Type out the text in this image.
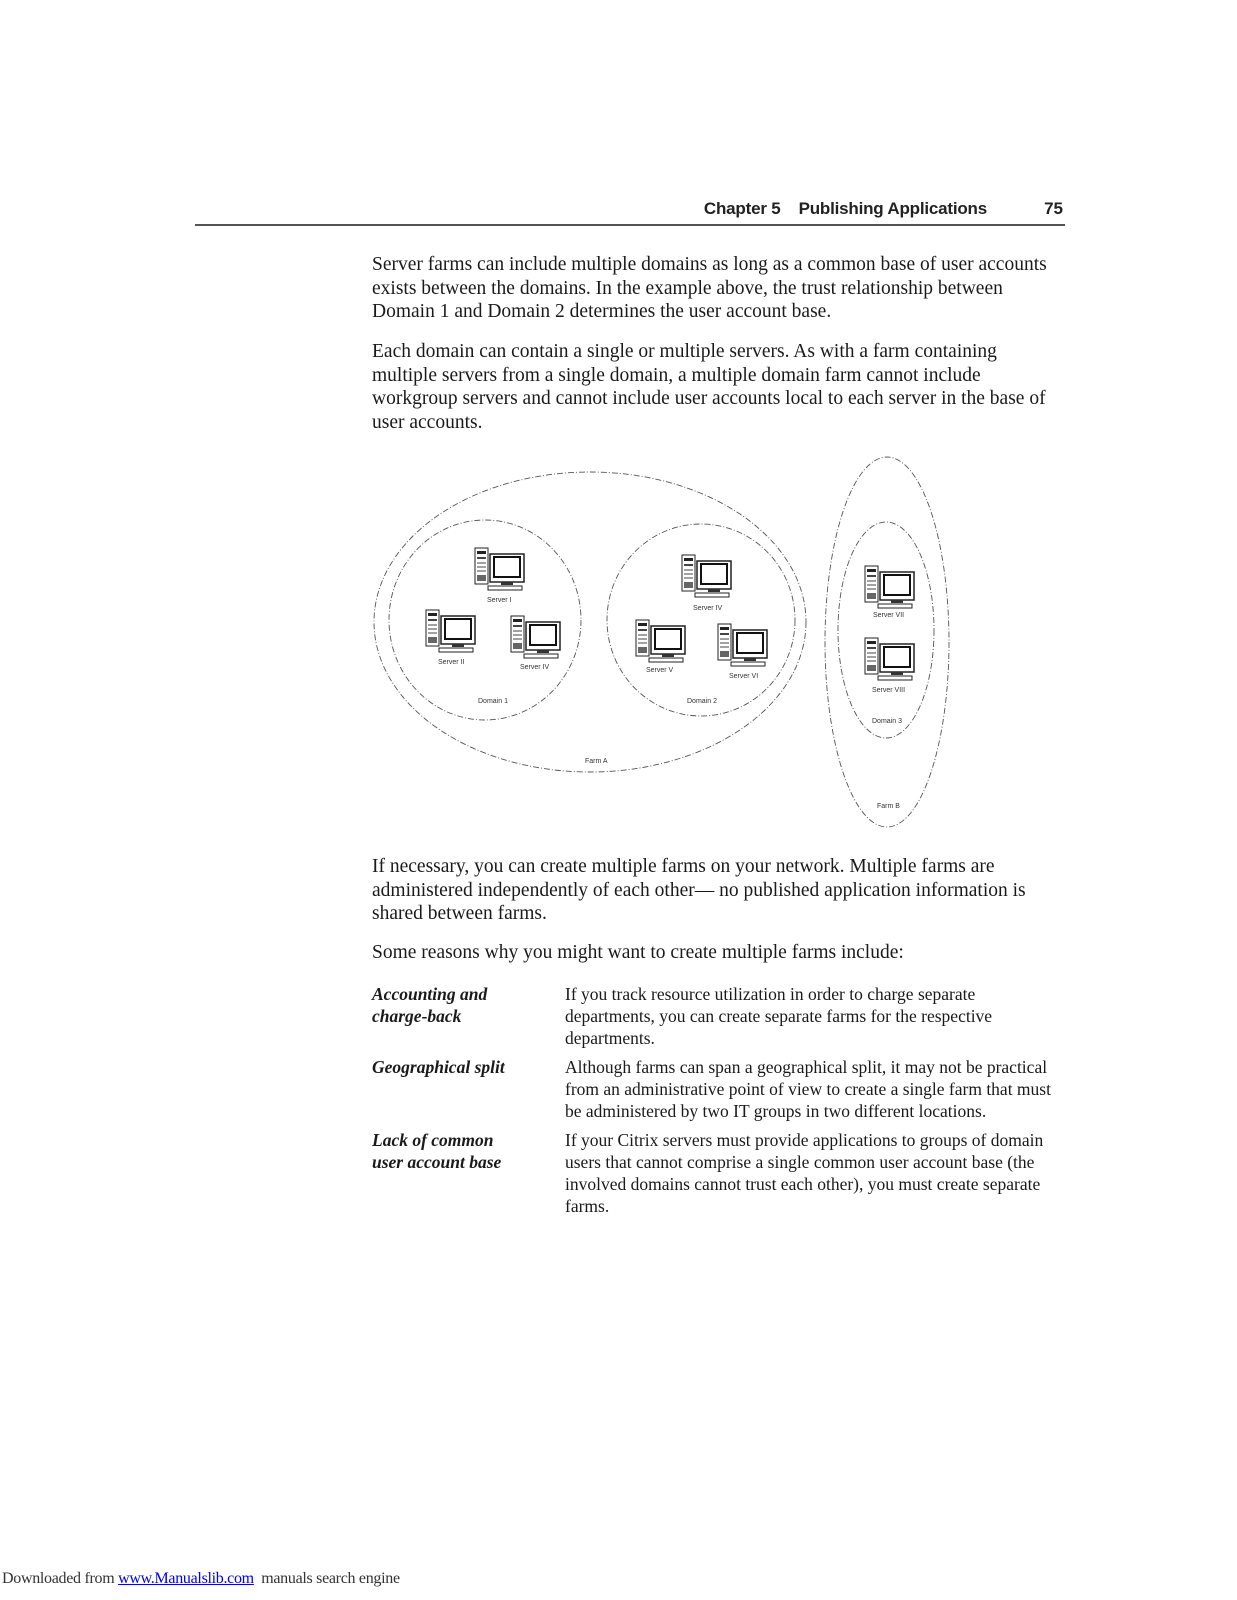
Chapter 5    Publishing Applications	75

Server farms can include multiple domains as long as a common base of user accounts exists between the domains. In the example above, the trust relationship between Domain 1 and Domain 2 determines the user account base.

Each domain can contain a single or multiple servers. As with a farm containing multiple servers from a single domain, a multiple domain farm cannot include workgroup servers and cannot include user accounts local to each server in the base of user accounts.

Server I
Server II
Server IV
Domain 1
Server IV
Server V
Server VI
Domain 2
Server VII
Server VIII
Domain 3
Farm A
Farm B

If necessary, you can create multiple farms on your network. Multiple farms are administered independently of each other— no published application information is shared between farms.

Some reasons why you might want to create multiple farms include:

Accounting and
charge-back
If you track resource utilization in order to charge separate departments, you can create separate farms for the respective departments.
Geographical split	Although farms can span a geographical split, it may not be practical from an administrative point of view to create a single farm that must be administered by two IT groups in two different locations.
Lack of common
user account base
If your Citrix servers must provide applications to groups of domain users that cannot comprise a single common user account base (the involved domains cannot trust each other), you must create separate farms.
Downloaded from www.Manualslib.com  manuals search engine
